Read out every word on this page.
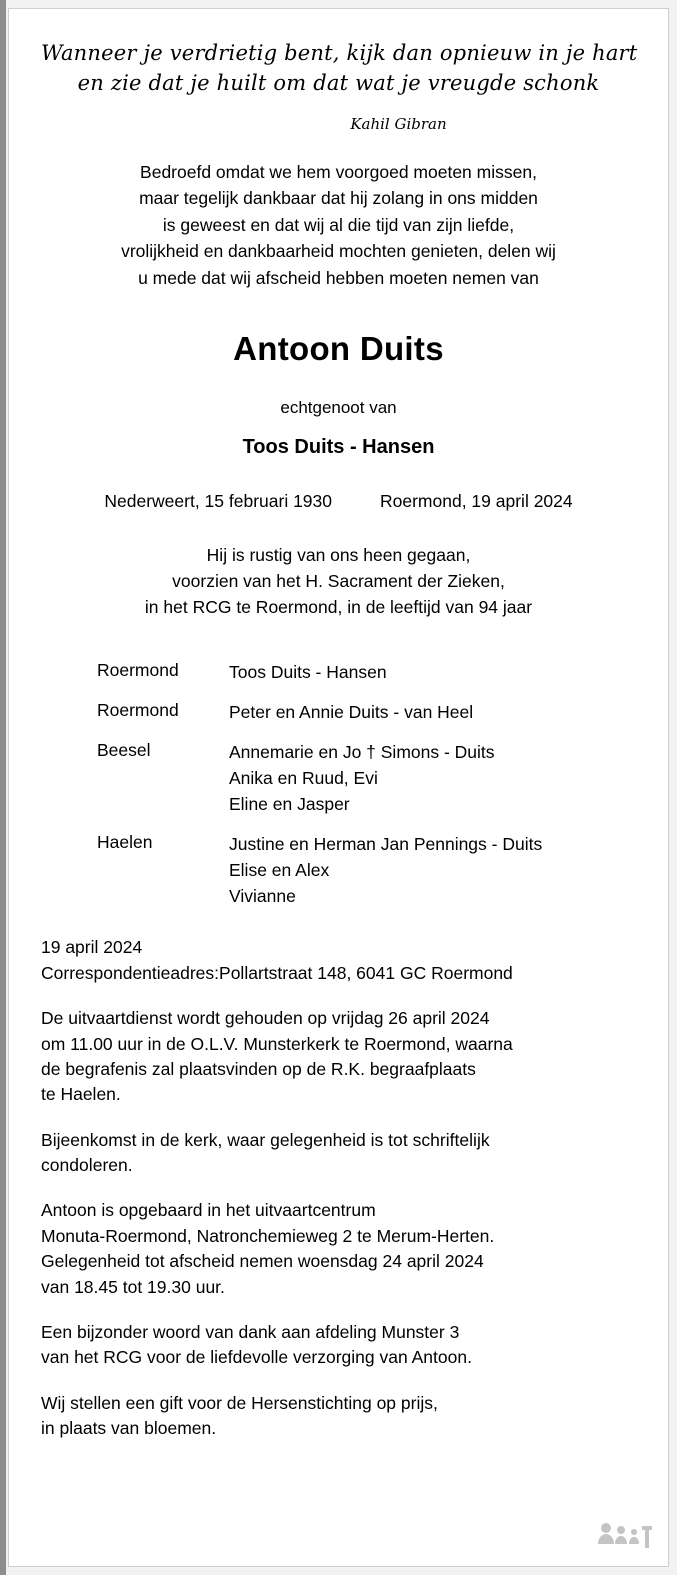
Wanneer je verdrietig bent, kijk dan opnieuw in je hart
en zie dat je huilt om dat wat je vreugde schonk
Kahil Gibran
Bedroefd omdat we hem voorgoed moeten missen,
maar tegelijk dankbaar dat hij zolang in ons midden
is geweest en dat wij al die tijd van zijn liefde,
vrolijkheid en dankbaarheid mochten genieten, delen wij
u mede dat wij afscheid hebben moeten nemen van
Antoon Duits
echtgenoot van
Toos Duits - Hansen
Nederweert, 15 februari 1930	Roermond, 19 april 2024
Hij is rustig van ons heen gegaan,
voorzien van het H. Sacrament der Zieken,
in het RCG te Roermond, in de leeftijd van 94 jaar
Roermond	Toos Duits - Hansen
Roermond	Peter en Annie Duits - van Heel
Beesel	Annemarie en Jo † Simons - Duits
Anika en Ruud, Evi
Eline en Jasper
Haelen	Justine en Herman Jan Pennings - Duits
Elise en Alex
Vivianne
19 april 2024
Correspondentieadres:Pollartstraat 148, 6041 GC Roermond
De uitvaartdienst wordt gehouden op vrijdag 26 april 2024
om 11.00 uur in de O.L.V. Munsterkerk te Roermond, waarna
de begrafenis zal plaatsvinden op de R.K. begraafplaats
te Haelen.
Bijeenkomst in de kerk, waar gelegenheid is tot schriftelijk
condoleren.
Antoon is opgebaard in het uitvaartcentrum
Monuta-Roermond, Natronchemieweg 2 te Merum-Herten.
Gelegenheid tot afscheid nemen woensdag 24 april 2024
van 18.45 tot 19.30 uur.
Een bijzonder woord van dank aan afdeling Munster 3
van het RCG voor de liefdevolle verzorging van Antoon.
Wij stellen een gift voor de Hersenstichting op prijs,
in plaats van bloemen.
